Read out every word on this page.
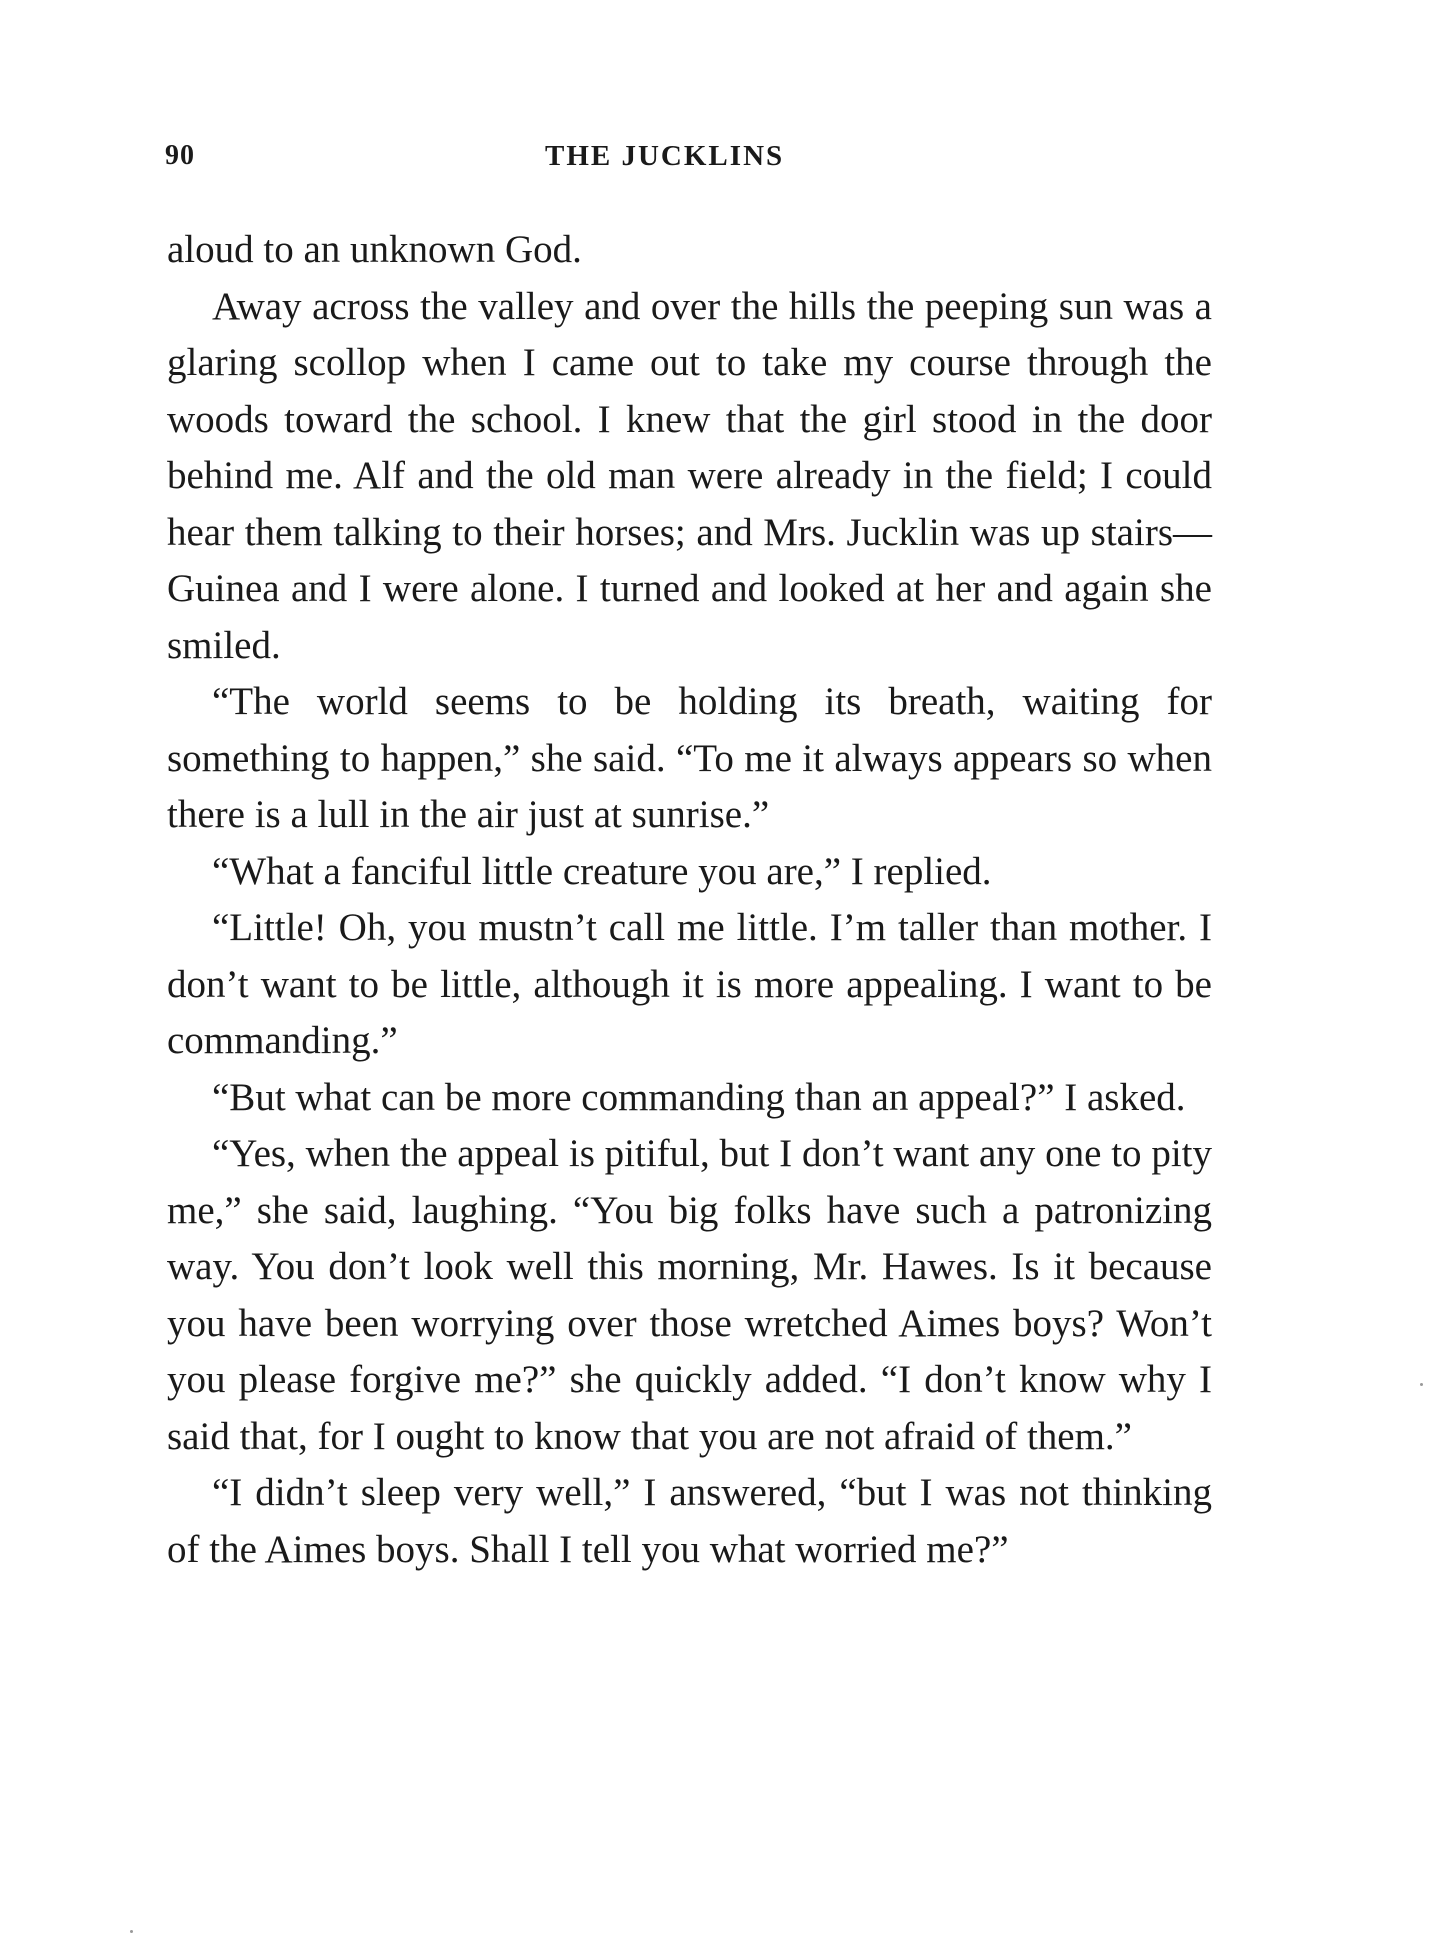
90	THE JUCKLINS

aloud to an unknown God.

Away across the valley and over the hills the peeping sun was a glaring scollop when I came out to take my course through the woods toward the school. I knew that the girl stood in the door behind me. Alf and the old man were already in the field; I could hear them talking to their horses; and Mrs. Jucklin was up stairs— Guinea and I were alone. I turned and looked at her and again she smiled.

“The world seems to be holding its breath, waiting for something to happen,” she said. “To me it always appears so when there is a lull in the air just at sunrise.”

“What a fanciful little creature you are,” I replied.

“Little! Oh, you mustn’t call me little. I’m taller than mother. I don’t want to be little, although it is more appealing. I want to be commanding.”

“But what can be more commanding than an appeal?” I asked.

“Yes, when the appeal is pitiful, but I don’t want any one to pity me,” she said, laughing. “You big folks have such a patronizing way. You don’t look well this morning, Mr. Hawes. Is it because you have been worrying over those wretched Aimes boys? Won’t you please forgive me?” she quickly added. “I don’t know why I said that, for I ought to know that you are not afraid of them.”

“I didn’t sleep very well,” I answered, “but I was not thinking of the Aimes boys. Shall I tell you what worried me?”
